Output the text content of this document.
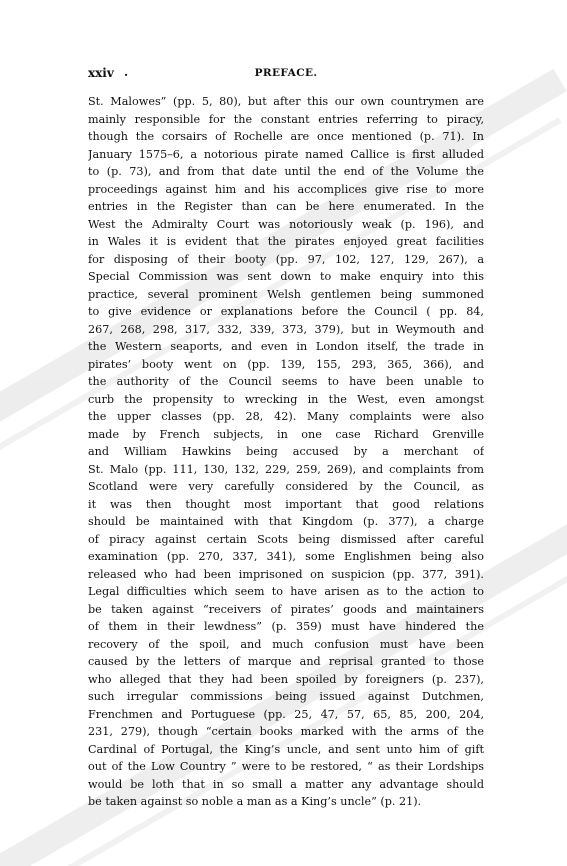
xxiv .	PREFACE.
St. Malowes” (pp. 5, 80), but after this our own countrymen are
mainly responsible for the constant entries referring to piracy,
though the corsairs of Rochelle are once mentioned (p. 71). In
January 1575–6, a notorious pirate named Callice is first alluded
to (p. 73), and from that date until the end of the Volume the
proceedings against him and his accomplices give rise to more
entries in the Register than can be here enumerated. In the
West the Admiralty Court was notoriously weak (p. 196), and
in Wales it is evident that the pirates enjoyed great facilities
for disposing of their booty (pp. 97, 102, 127, 129, 267), a
Special Commission was sent down to make enquiry into this
practice, several prominent Welsh gentlemen being summoned
to give evidence or explanations before the Council ( pp. 84,
267, 268, 298, 317, 332, 339, 373, 379), but in Weymouth and
the Western seaports, and even in London itself, the trade in
pirates’ booty went on (pp. 139, 155, 293, 365, 366), and
the authority of the Council seems to have been unable to
curb the propensity to wrecking in the West, even amongst
the upper classes (pp. 28, 42). Many complaints were also
made by French subjects, in one case Richard Grenville
and William Hawkins being accused by a merchant of
St. Malo (pp. 111, 130, 132, 229, 259, 269), and complaints from
Scotland were very carefully considered by the Council, as
it was then thought most important that good relations
should be maintained with that Kingdom (p. 377), a charge
of piracy against certain Scots being dismissed after careful
examination (pp. 270, 337, 341), some Englishmen being also
released who had been imprisoned on suspicion (pp. 377, 391).
Legal difficulties which seem to have arisen as to the action to
be taken against “receivers of pirates’ goods and maintainers
of them in their lewdness” (p. 359) must have hindered the
recovery of the spoil, and much confusion must have been
caused by the letters of marque and reprisal granted to those
who alleged that they had been spoiled by foreigners (p. 237),
such irregular commissions being issued against Dutchmen,
Frenchmen and Portuguese (pp. 25, 47, 57, 65, 85, 200, 204,
231, 279), though “certain books marked with the arms of the
Cardinal of Portugal, the King’s uncle, and sent unto him of gift
out of the Low Country ” were to be restored, “ as their Lordships
would be loth that in so small a matter any advantage should
be taken against so noble a man as a King’s uncle” (p. 21).
